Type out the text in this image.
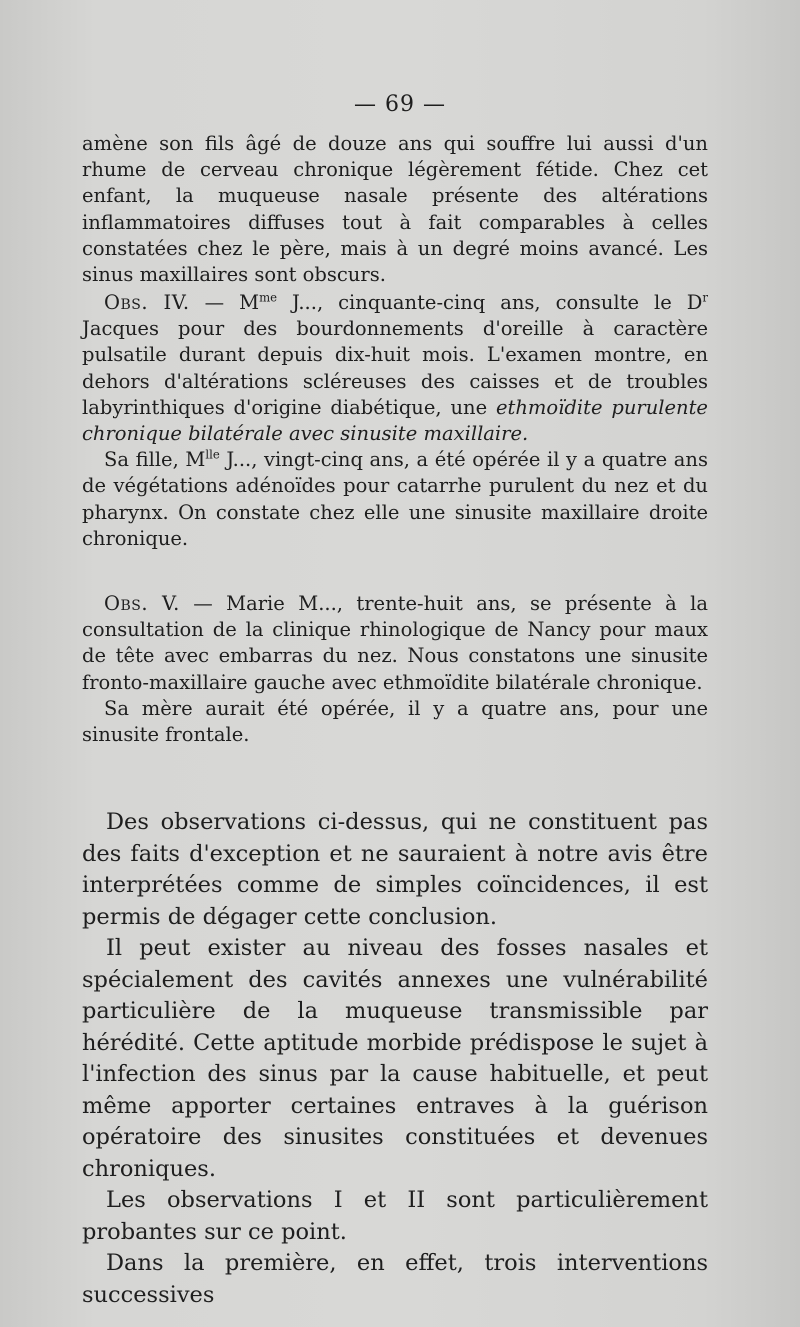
— 69 —

amène son fils âgé de douze ans qui souffre lui aussi d'un rhume de cerveau chronique légèrement fétide. Chez cet enfant, la muqueuse nasale présente des altérations inflammatoires diffuses tout à fait comparables à celles constatées chez le père, mais à un degré moins avancé. Les sinus maxillaires sont obscurs.

Obs. IV. — $M^{me}$ J..., cinquante-cinq ans, consulte le $D^r$ Jacques pour des bourdonnements d'oreille à caractère pulsatile durant depuis dix-huit mois. L'examen montre, en dehors d'altérations scléreuses des caisses et de troubles labyrinthiques d'origine diabétique, une ethmoïdite purulente chronique bilatérale avec sinusite maxillaire.

Sa fille, $M^{lle}$ J..., vingt-cinq ans, a été opérée il y a quatre ans de végétations adénoïdes pour catarrhe purulent du nez et du pharynx. On constate chez elle une sinusite maxillaire droite chronique.

Obs. V. — Marie M..., trente-huit ans, se présente à la consultation de la clinique rhinologique de Nancy pour maux de tête avec embarras du nez. Nous constatons une sinusite fronto-maxillaire gauche avec ethmoïdite bilatérale chronique.

Sa mère aurait été opérée, il y a quatre ans, pour une sinusite frontale.

Des observations ci-dessus, qui ne constituent pas des faits d'exception et ne sauraient à notre avis être interprétées comme de simples coïncidences, il est permis de dégager cette conclusion.

Il peut exister au niveau des fosses nasales et spécialement des cavités annexes une vulnérabilité particulière de la muqueuse transmissible par hérédité. Cette aptitude morbide prédispose le sujet à l'infection des sinus par la cause habituelle, et peut même apporter certaines entraves à la guérison opératoire des sinusites constituées et devenues chroniques.

Les observations I et II sont particulièrement probantes sur ce point.

Dans la première, en effet, trois interventions successives
